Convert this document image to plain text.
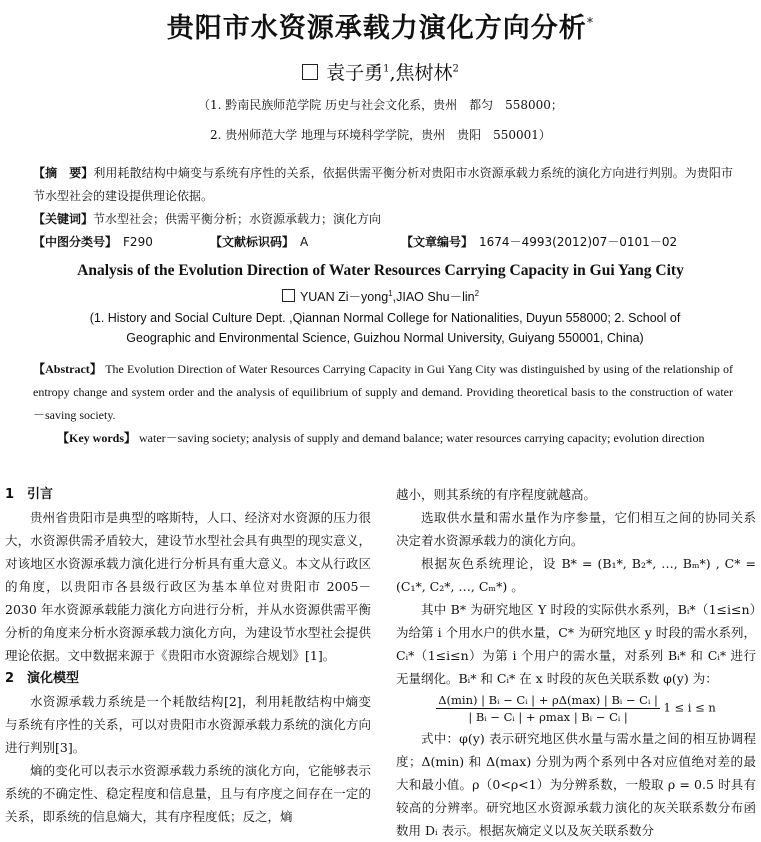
贵阳市水资源承载力演化方向分析*
袁子勇$^1$,焦树林$^2$
（1. 黔南民族师范学院 历史与社会文化系，贵州　都匀　558000；
2. 贵州师范大学 地理与环境科学学院，贵州　贵阳　550001）
【摘　要】利用耗散结构中熵变与系统有序性的关系，依据供需平衡分析对贵阳市水资源承载力系统的演化方向进行判别。为贵阳市节水型社会的建设提供理论依据。
【关键词】节水型社会；供需平衡分析；水资源承载力；演化方向
【中图分类号】　 F290	【文献标识码】　 A	【文章编号】　 1674－4993(2012)07－0101－02
Analysis of the Evolution Direction of Water Resources Carrying Capacity in Gui Yang City
YUAN Zi－yong$^1$,JIAO Shu－lin$^2$
(1. History and Social Culture Dept. ,Qiannan Normal College for Nationalities, Duyun 558000; 2. School of Geographic and Environmental Science, Guizhou Normal University, Guiyang 550001, China)

【Abstract】 The Evolution Direction of Water Resources Carrying Capacity in Gui Yang City was distinguished by using of the relationship of entropy change and system order and the analysis of equilibrium of supply and demand. Providing theoretical basis to the construction of water－saving society.

【Key words】 water－saving society; analysis of supply and demand balance; water resources carrying capacity; evolution direction

1　引言

贵州省贵阳市是典型的喀斯特，人口、经济对水资源的压力很大，水资源供需矛盾较大，建设节水型社会具有典型的现实意义，对该地区水资源承载力演化进行分析具有重大意义。本文从行政区的角度，以贵阳市各县级行政区为基本单位对贵阳市 2005－2030 年水资源承载能力演化方向进行分析，并从水资源供需平衡分析的角度来分析水资源承载力演化方向，为建设节水型社会提供理论依据。文中数据来源于《贵阳市水资源综合规划》[1]。

2　演化模型

水资源承载力系统是一个耗散结构[2]，利用耗散结构中熵变与系统有序性的关系，可以对贵阳市水资源承载力系统的演化方向进行判别[3]。

熵的变化可以表示水资源承载力系统的演化方向，它能够表示系统的不确定性、稳定程度和信息量，且与有序度之间存在一定的关系，即系统的信息熵大，其有序程度低；反之，熵

越小，则其系统的有序程度就越高。

选取供水量和需水量作为序参量，它们相互之间的协同关系决定着水资源承载力的演化方向。

根据灰色系统理论，设 B* = (B₁*, B₂*, …, Bₘ*) , C* = (C₁*, C₂*, …, Cₘ*) 。

其中 B* 为研究地区 Y 时段的实际供水系列，Bᵢ*（1≤i≤n）为给第 i 个用水户的供水量，C* 为研究地区 y 时段的需水系列，Cᵢ*（1≤i≤n）为第 i 个用户的需水量，对系列 Bᵢ* 和 Cᵢ* 进行无量纲化。Bᵢ* 和 Cᵢ* 在 x 时段的灰色关联系数 φ(y) 为：

$\frac{\text{Δ(min) | Bᵢ − Cᵢ | + ρΔ(max) | Bᵢ − Cᵢ |}}{\text{| Bᵢ − Cᵢ | + ρmax | Bᵢ − Cᵢ |}} 1 \le i \le n$

式中：φ(y) 表示研究地区供水量与需水量之间的相互协调程度；Δ(min) 和 Δ(max) 分别为两个系列中各对应值绝对差的最大和最小值。ρ（0<ρ<1）为分辨系数，一般取 ρ = 0.5 时具有较高的分辨率。研究地区水资源承载力演化的灰关联系数分布函数用 Dᵢ 表示。根据灰熵定义以及灰关联系数分
